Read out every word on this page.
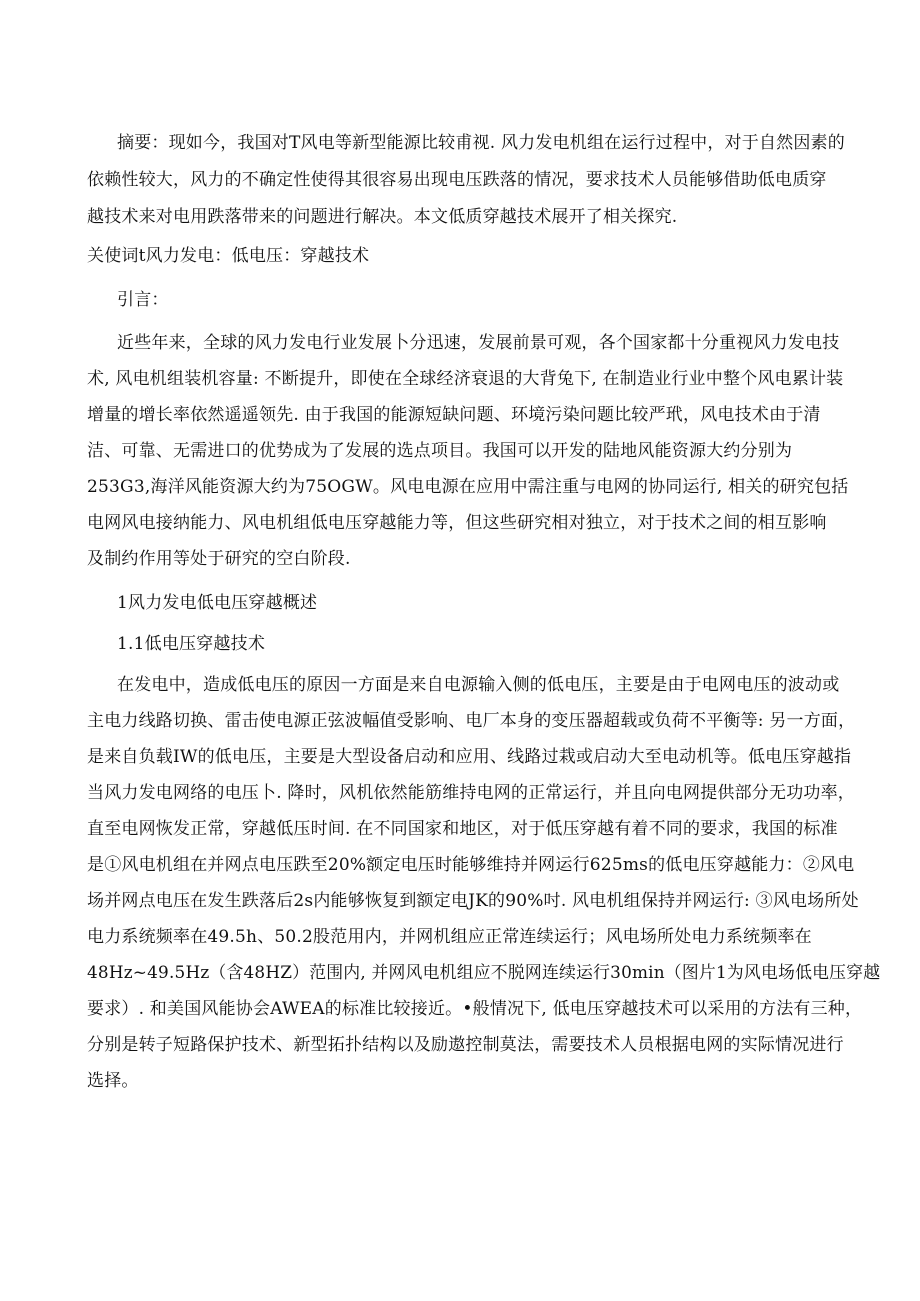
摘要：现如今，我国对T风电等新型能源比较甫视. 风力发电机组在运行过程中，对于自然因素的
依赖性较大，风力的不确定性使得其很容易出现电压跌落的情况，要求技术人员能够借助低电质穿
越技术来对电用跌落带来的问题进行解决。本文低质穿越技术展开了相关探究.
关使词t风力发电：低电压：穿越技术
引言：
近些年来，全球的风力发电行业发展卜分迅速，发展前景可观，各个国家都十分重视风力发电技
术, 风电机组装机容量: 不断提升，即使在全球经济衰退的大背兔下, 在制造业行业中整个风电累计装
增量的增长率依然遥遥领先. 由于我国的能源短缺问题、环境污染问题比较严玳，风电技术由于清
洁、可靠、无需进口的优势成为了发展的选点项目。我国可以开发的陆地风能资源大约分别为
253G3,海洋风能资源大约为75OGW。风电电源在应用中需注重与电网的协同运行, 相关的研究包括
电网风电接纳能力、风电机组低电压穿越能力等，但这些研究相对独立，对于技术之间的相互影响
及制约作用等处于研究的空白阶段.
1风力发电低电压穿越概述
1.1低电压穿越技术
在发电中，造成低电压的原因一方面是来自电源输入侧的低电压，主要是由于电网电压的波动或
主电力线路切换、雷击使电源正弦波幅值受影响、电厂本身的变压器超载或负荷不平衡等: 另一方面，
是来自负载IW的低电压，主要是大型设备启动和应用、线路过栽或启动大至电动机等。低电压穿越指
当风力发电网络的电压卜. 降时，风机依然能筋维持电网的正常运行，并且向电网提供部分无功功率，
直至电网恢发正常，穿越低压时间. 在不同国家和地区，对于低压穿越有着不同的要求，我国的标准
是①风电机组在并网点电压跌至20%额定电压时能够维持并网运行625ms的低电压穿越能力：②风电
场并网点电压在发生跌落后2s内能够恢复到额定电JK的90%吋. 风电机组保持并网运行: ③风电场所处
电力系统频率在49.5h、50.2股范用内，并网机组应正常连续运行；风电场所处电力系统频率在
48Hz~49.5Hz（含48HZ）范围内, 并网风电机组应不脱网连续运行30min（图片1为风电场低电压穿越
要求）. 和美国风能协会AWEA的标准比较接近。•般情况下, 低电压穿越技术可以采用的方法有三种，
分别是转子短路保护技术、新型拓扑结构以及励遨控制莫法，需要技术人员根据电网的实际情况进行
选择。
